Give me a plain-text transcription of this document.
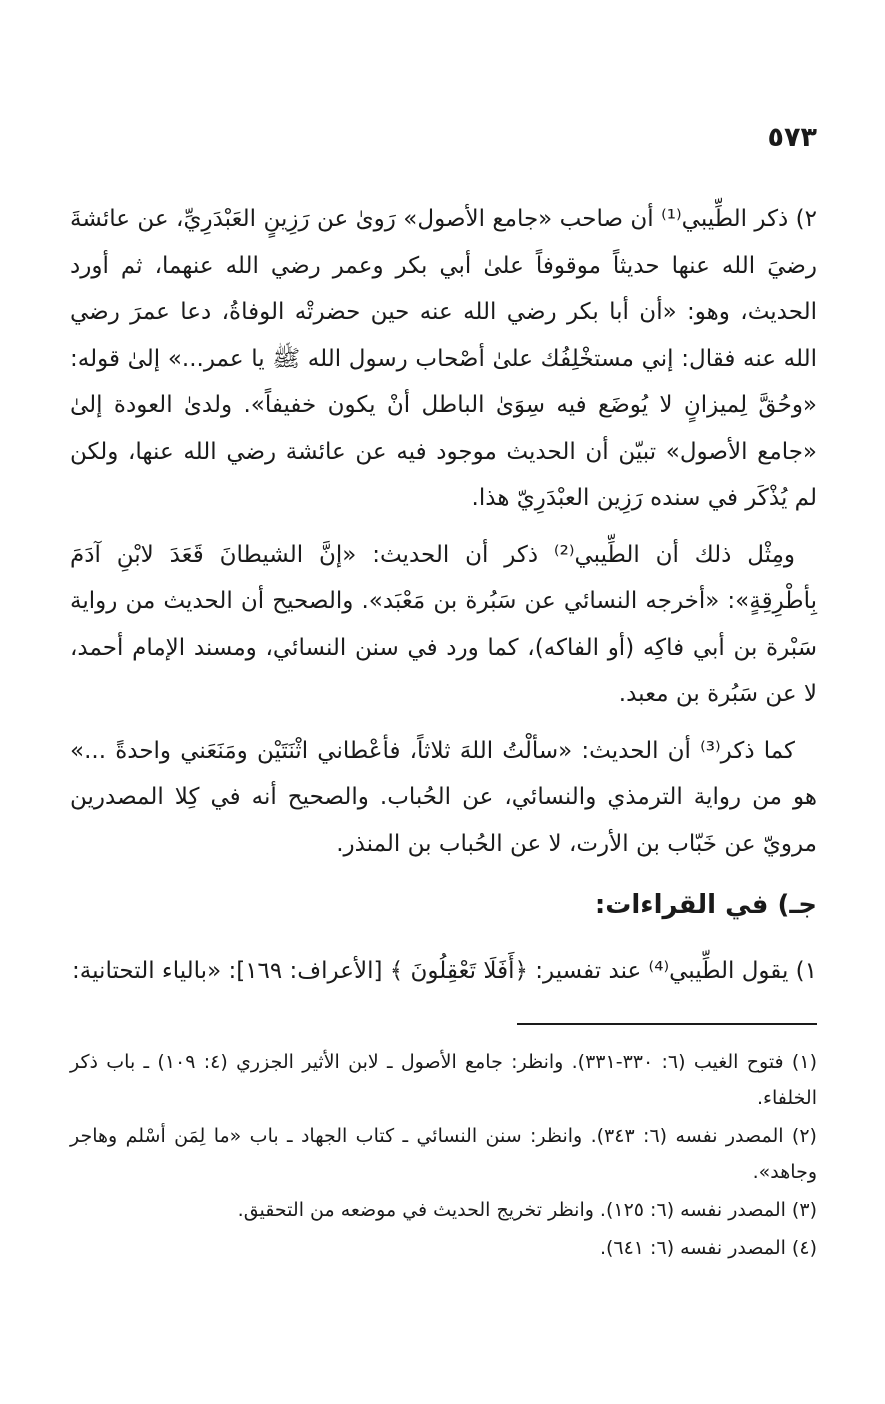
٥٧٣

٢) ذكر الطِّيبي⁽¹⁾ أن صاحب «جامع الأصول» رَوىٰ عن رَزِينٍ العَبْدَرِيِّ، عن عائشةَ رضيَ الله عنها حديثاً موقوفاً علىٰ أبي بكر وعمر رضي الله عنهما، ثم أورد الحديث، وهو: «أن أبا بكر رضي الله عنه حين حضرتْه الوفاةُ، دعا عمرَ رضي الله عنه فقال: إني مستخْلِفُك علىٰ أصْحاب رسول الله ﷺ يا عمر...» إلىٰ قوله: «وحُقَّ لِميزانٍ لا يُوضَع فيه سِوَىٰ الباطل أنْ يكون خفيفاً». ولدىٰ العودة إلىٰ «جامع الأصول» تبيّن أن الحديث موجود فيه عن عائشة رضي الله عنها، ولكن لم يُذْكَر في سنده رَزِين العبْدَرِيّ هذا.

ومِثْل ذلك أن الطِّيبي⁽²⁾ ذكر أن الحديث: «إنَّ الشيطانَ قَعَدَ لابْنِ آدَمَ بِأطْرِقِةٍ»: «أخرجه النسائي عن سَبُرة بن مَعْبَد». والصحيح أن الحديث من رواية سَبْرة بن أبي فاكِه (أو الفاكه)، كما ورد في سنن النسائي، ومسند الإمام أحمد، لا عن سَبُرة بن معبد.

كما ذكر⁽³⁾ أن الحديث: «سألْتُ اللهَ ثلاثاً، فأعْطاني اثْنَتَيْن ومَنَعَني واحدةً ...» هو من رواية الترمذي والنسائي، عن الحُباب. والصحيح أنه في كِلا المصدرين مرويّ عن خَبّاب بن الأرت، لا عن الحُباب بن المنذر.

جـ) في القراءات:

١) يقول الطِّيبي⁽⁴⁾ عند تفسير: ﴿أَفَلَا تَعْقِلُونَ ﴾ [الأعراف: ١٦٩]: «بالياء التحتانية:

(١) فتوح الغيب (٦: ٣٣٠-٣٣١). وانظر: جامع الأصول ـ لابن الأثير الجزري (٤: ١٠٩) ـ باب ذكر الخلفاء.

(٢) المصدر نفسه (٦: ٣٤٣). وانظر: سنن النسائي ـ كتاب الجهاد ـ باب «ما لِمَن أسْلم وهاجر وجاهد».

(٣) المصدر نفسه (٦: ١٢٥). وانظر تخريج الحديث في موضعه من التحقيق.

(٤) المصدر نفسه (٦: ٦٤١).
